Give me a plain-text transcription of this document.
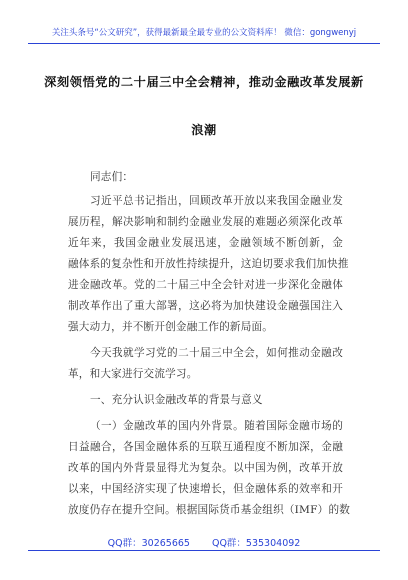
关注头条号“公文研究”，获得最新最全最专业的公文资料库！ 微信：gongwenyj
深刻领悟党的二十届三中全会精神，推动金融改革发展新
浪潮
同志们：
习近平总书记指出，回顾改革开放以来我国金融业发
展历程，解决影响和制约金融业发展的难题必须深化改革
近年来，我国金融业发展迅速，金融领域不断创新，金
融体系的复杂性和开放性持续提升，这迫切要求我们加快推
进金融改革。党的二十届三中全会针对进一步深化金融体
制改革作出了重大部署，这必将为加快建设金融强国注入
强大动力，并不断开创金融工作的新局面。
今天我就学习党的二十届三中全会，如何推动金融改
革，和大家进行交流学习。
一、充分认识金融改革的背景与意义
（一）金融改革的国内外背景。随着国际金融市场的
日益融合，各国金融体系的互联互通程度不断加深，金融
改革的国内外背景显得尤为复杂。以中国为例，改革开放
以来，中国经济实现了快速增长，但金融体系的效率和开
放度仍存在提升空间。根据国际货币基金组织（IMF）的数
QQ群：30265665 QQ群：535304092
